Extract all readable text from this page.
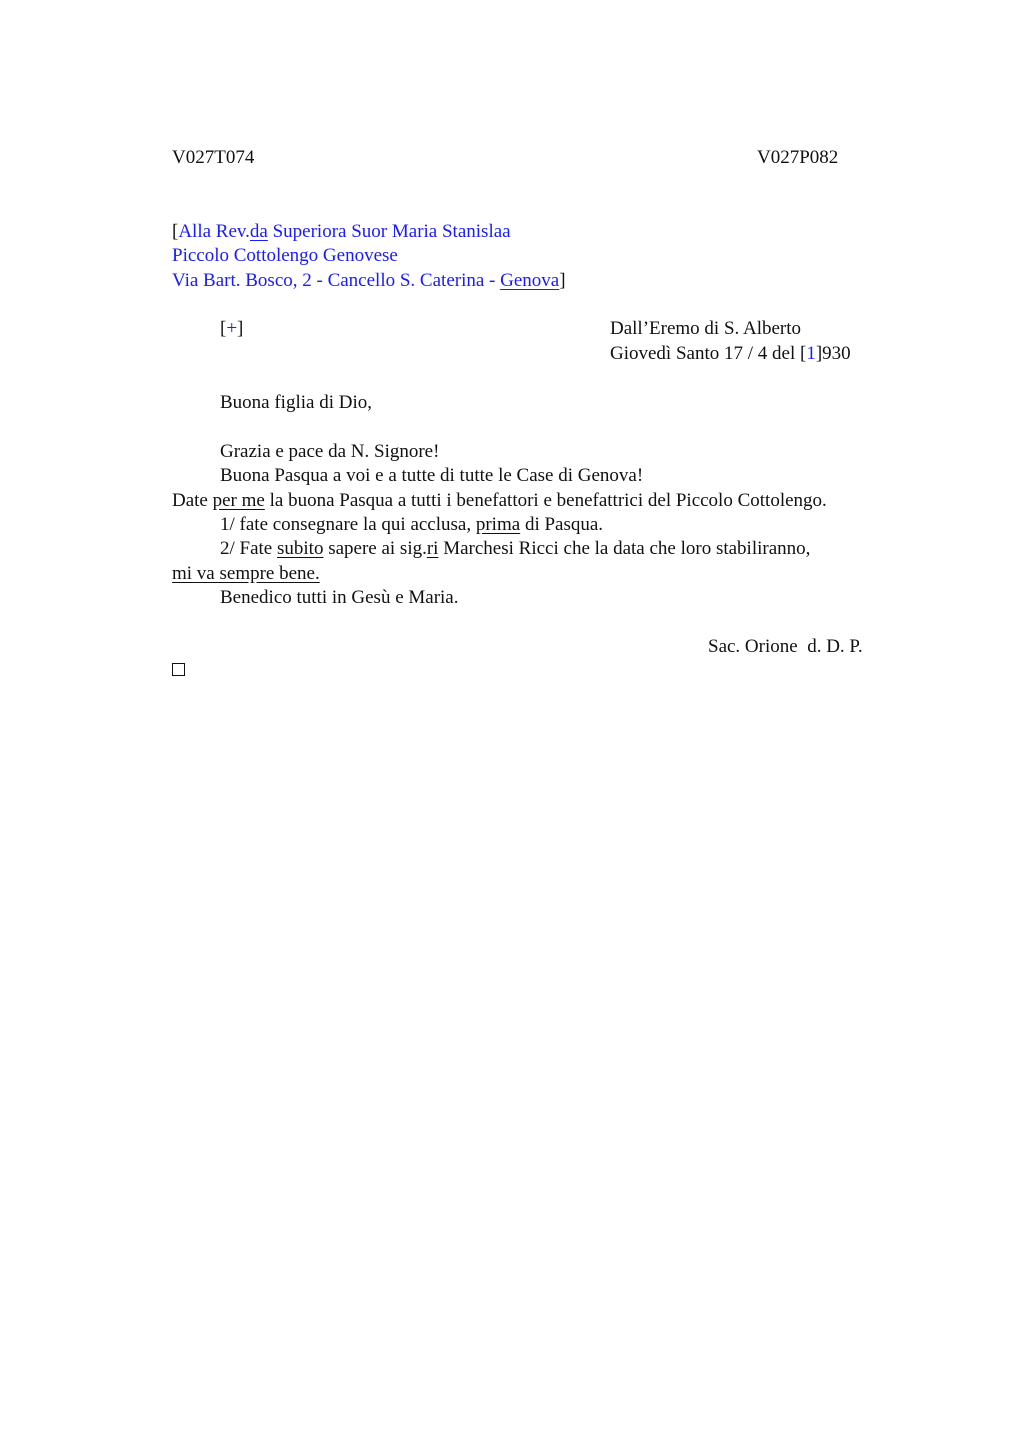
V027T074	V027P082
[Alla Rev.da Superiora Suor Maria Stanislaa
Piccolo Cottolengo Genovese
Via Bart. Bosco, 2 - Cancello S. Caterina - Genova]
[+]	Dall’Eremo di S. Alberto
Giovedì Santo 17 / 4 del [1]930
Buona figlia di Dio,
Grazia e pace da N. Signore!
Buona Pasqua a voi e a tutte di tutte le Case di Genova!
Date per me la buona Pasqua a tutti i benefattori e benefattrici del Piccolo Cottolengo.
1/ fate consegnare la qui acclusa, prima di Pasqua.
2/ Fate subito sapere ai sig.ri Marchesi Ricci che la data che loro stabiliranno,
mi va sempre bene.
Benedico tutti in Gesù e Maria.
Sac. Orione  d. D. P.
